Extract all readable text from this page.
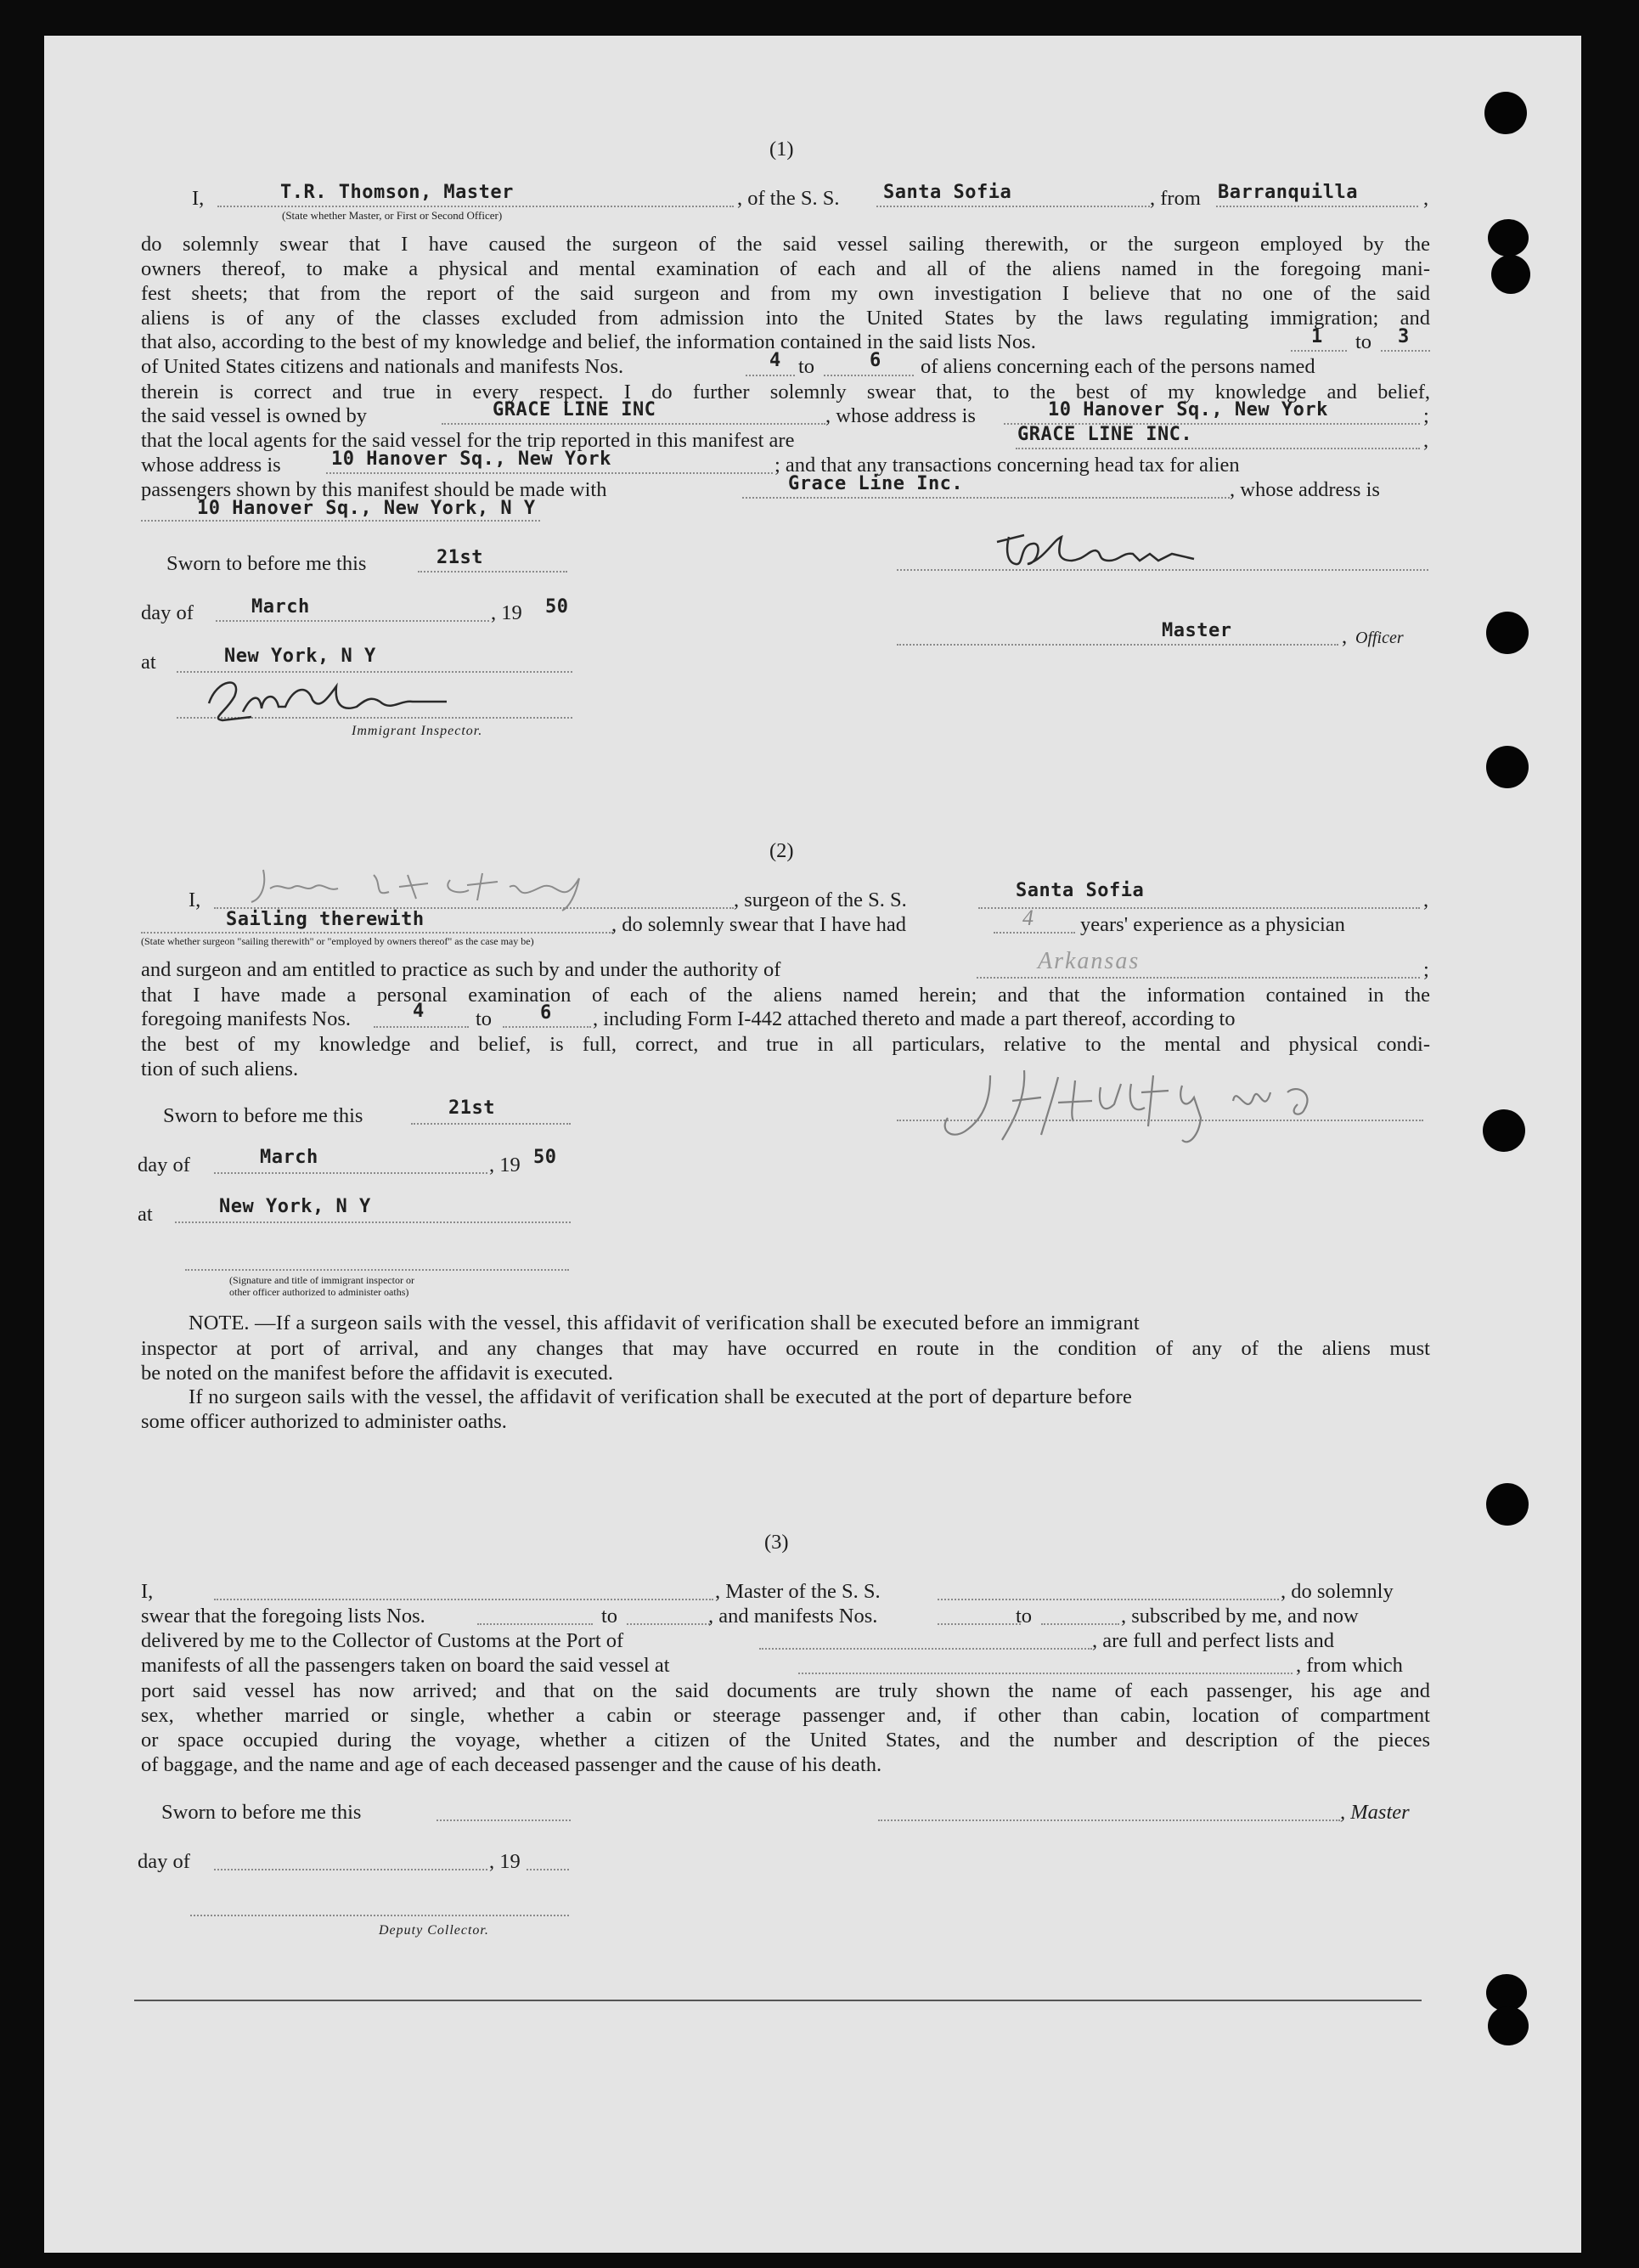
(1)
I,	T.R. Thomson, Master	, of the S. S. Santa Sofia	, from Barranquilla	,
(State whether Master, or First or Second Officer)
do solemnly swear that I have caused the surgeon of the said vessel sailing therewith, or the surgeon employed by the
owners thereof, to make a physical and mental examination of each and all of the aliens named in the foregoing mani-
fest sheets; that from the report of the said surgeon and from my own investigation I believe that no one of the said
aliens is of any of the classes excluded from admission into the United States by the laws regulating immigration; and
that also, according to the best of my knowledge and belief, the information contained in the said lists Nos.	1 to 3
of United States citizens and nationals and manifests Nos.	4 to	6 of aliens concerning each of the persons named
therein is correct and true in every respect. I do further solemnly swear that, to the best of my knowledge and belief,
the said vessel is owned by	GRACE LINE INC	, whose address is	10 Hanover Sq., New York	;
that the local agents for the said vessel for the trip reported in this manifest are	GRACE LINE INC.	,
whose address is	10 Hanover Sq., New York	; and that any transactions concerning head tax for alien
passengers shown by this manifest should be made with	Grace Line Inc.	, whose address is
10 Hanover Sq., New York, N Y
Sworn to before me this	21st
day of	March	, 19 50
at	New York, N Y
Immigrant Inspector.
Master	, Officer
(2)
I,	, surgeon of the S. S.	Santa Sofia	,
Sailing therewith	, do solemnly swear that I have had	4 years' experience as a physician
(State whether surgeon "sailing therewith" or "employed by owners thereof" as the case may be)
and surgeon and am entitled to practice as such by and under the authority of	Arkansas	;
that I have made a personal examination of each of the aliens named herein; and that the information contained in the
foregoing manifests Nos.	4 to	6 , including Form I-442 attached thereto and made a part thereof, according to
the best of my knowledge and belief, is full, correct, and true in all particulars, relative to the mental and physical condi-
tion of such aliens.
Sworn to before me this	21st
day of	March	, 19 50
at	New York, N Y
(Signature and title of immigrant inspector or
other officer authorized to administer oaths)
NOTE. —If a surgeon sails with the vessel, this affidavit of verification shall be executed before an immigrant
inspector at port of arrival, and any changes that may have occurred en route in the condition of any of the aliens must
be noted on the manifest before the affidavit is executed.
If no surgeon sails with the vessel, the affidavit of verification shall be executed at the port of departure before
some officer authorized to administer oaths.
(3)
I,	, Master of the S. S.	, do solemnly
swear that the foregoing lists Nos.	to	, and manifests Nos.	to	, subscribed by me, and now
delivered by me to the Collector of Customs at the Port of	, are full and perfect lists and
manifests of all the passengers taken on board the said vessel at	, from which
port said vessel has now arrived; and that on the said documents are truly shown the name of each passenger, his age and
sex, whether married or single, whether a cabin or steerage passenger and, if other than cabin, location of compartment
or space occupied during the voyage, whether a citizen of the United States, and the number and description of the pieces
of baggage, and the name and age of each deceased passenger and the cause of his death.
Sworn to before me this	, Master
day of	, 19
Deputy Collector.
